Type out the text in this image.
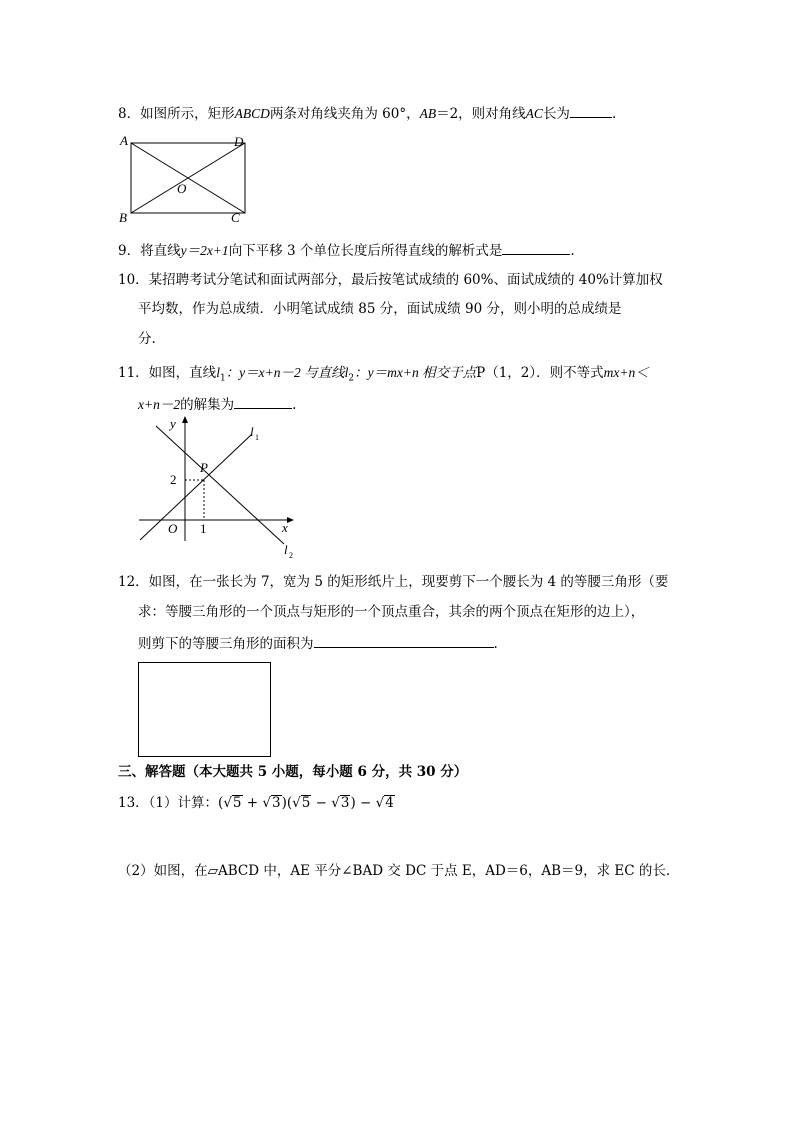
8．如图所示，矩形ABCD两条对角线夹角为 60°，AB＝2，则对角线AC长为	.
A	D
B	C
O
9．将直线y＝2x+1向下平移 3 个单位长度后所得直线的解析式是	.
10．某招聘考试分笔试和面试两部分，最后按笔试成绩的 60%、面试成绩的 40%计算加权
平均数，作为总成绩．小明笔试成绩 85 分，面试成绩 90 分，则小明的总成绩是
分.
11．如图，直线$l_1$：y＝x+n－2 与直线$l_2$：y＝mx+n 相交于点P（1，2）．则不等式mx+n＜
x+n－2的解集为	.
y
x
O
P
2
1
l 1
l 2
12．如图，在一张长为 7，宽为 5 的矩形纸片上，现要剪下一个腰长为 4 的等腰三角形（要
求：等腰三角形的一个顶点与矩形的一个顶点重合，其余的两个顶点在矩形的边上），
则剪下的等腰三角形的面积为	.
三、解答题（本大题共 5 小题，每小题 6 分，共 30 分）
13．（1）计算：(√5 + √3)(√5 − √3) − √4
（2）如图，在▱ABCD 中，AE 平分∠BAD 交 DC 于点 E，AD＝6，AB＝9，求 EC 的长.
